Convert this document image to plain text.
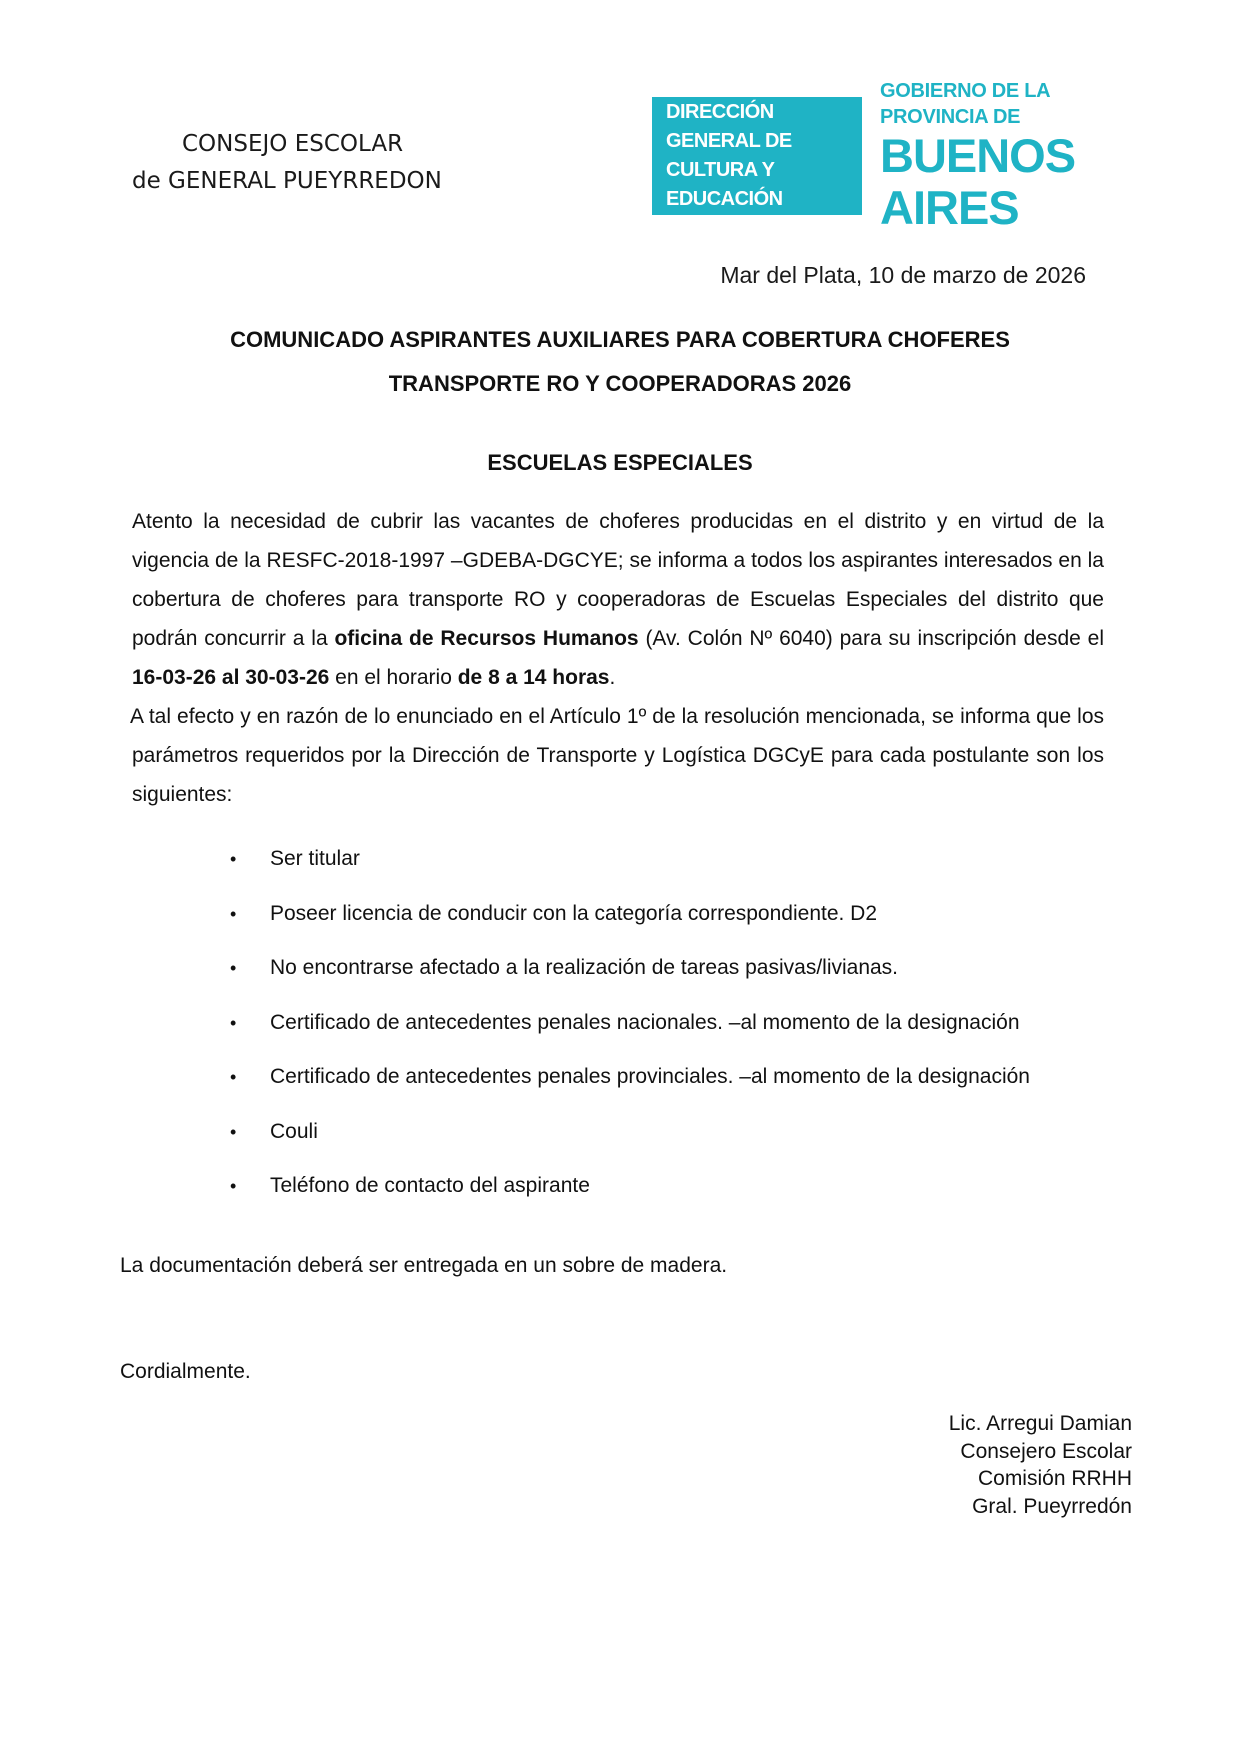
CONSEJO ESCOLAR
de GENERAL PUEYRREDON
DIRECCIÓN GENERAL DE
CULTURA Y EDUCACIÓN
GOBIERNO DE LA PROVINCIA DE
BUENOS AIRES
Mar del Plata, 10 de marzo de 2026
COMUNICADO ASPIRANTES AUXILIARES PARA COBERTURA CHOFERES
TRANSPORTE RO Y COOPERADORAS 2026
ESCUELAS ESPECIALES

Atento la necesidad de cubrir las vacantes de choferes producidas en el distrito y en virtud de la vigencia de la RESFC-2018-1997 –GDEBA-DGCYE; se informa a todos los aspirantes interesados en la cobertura de choferes para transporte RO y cooperadoras de Escuelas Especiales del distrito que podrán concurrir a la oficina de Recursos Humanos (Av. Colón Nº 6040) para su inscripción desde el 16-03-26 al 30-03-26 en el horario de 8 a 14 horas.

A tal efecto y en razón de lo enunciado en el Artículo 1º de la resolución mencionada, se informa que los parámetros requeridos por la Dirección de Transporte y Logística DGCyE para cada postulante son los siguientes:

• Ser titular
• Poseer licencia de conducir con la categoría correspondiente. D2
• No encontrarse afectado a la realización de tareas pasivas/livianas.
• Certificado de antecedentes penales nacionales. –al momento de la designación
• Certificado de antecedentes penales provinciales. –al momento de la designación
• Couli
• Teléfono de contacto del aspirante
La documentación deberá ser entregada en un sobre de madera.
Cordialmente.
Lic. Arregui Damian
Consejero Escolar
Comisión RRHH
Gral. Pueyrredón
